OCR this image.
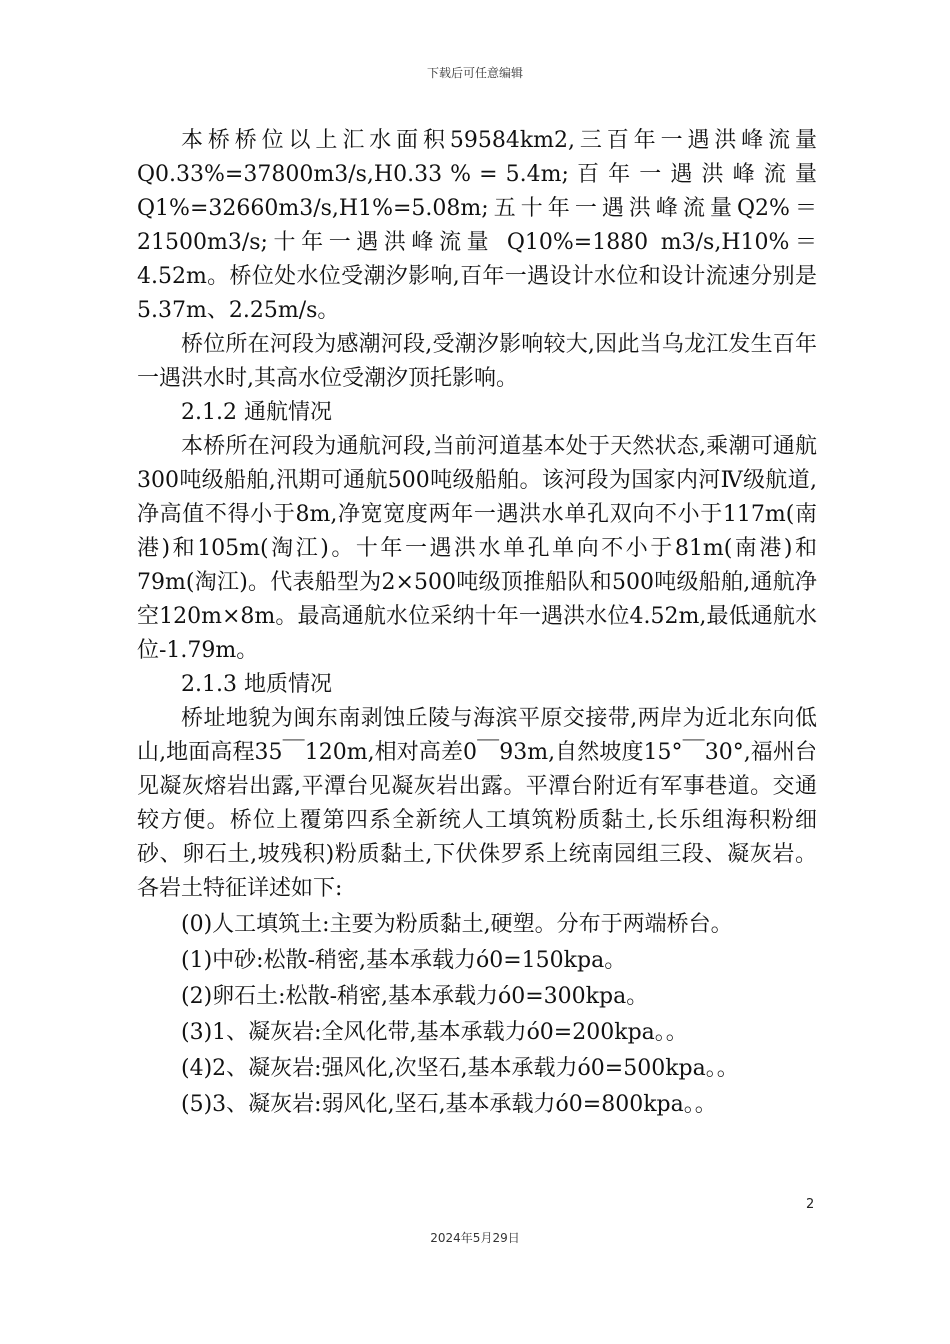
下载后可任意编辑

本桥桥位以上汇水面积59584km2,三百年一遇洪峰流量Q0.33%=37800m3/s,H0.33 % = 5.4m; 百 年 一 遇 洪 峰 流 量 Q1%=32660m3/s,H1%=5.08m;五十年一遇洪峰流量Q2%＝21500m3/s;十年一遇洪峰流量 Q10%=1880 m3/s,H10%＝4.52m。桥位处水位受潮汐影响,百年一遇设计水位和设计流速分别是5.37m、2.25m/s。

桥位所在河段为感潮河段,受潮汐影响较大,因此当乌龙江发生百年一遇洪水时,其高水位受潮汐顶托影响。

2.1.2 通航情况

本桥所在河段为通航河段,当前河道基本处于天然状态,乘潮可通航300吨级船舶,汛期可通航500吨级船舶。该河段为国家内河Ⅳ级航道,净高值不得小于8m,净宽宽度两年一遇洪水单孔双向不小于117m(南港)和105m(淘江)。十年一遇洪水单孔单向不小于81m(南港)和79m(淘江)。代表船型为2×500吨级顶推船队和500吨级船舶,通航净空120m×8m。最高通航水位采纳十年一遇洪水位4.52m,最低通航水位-1.79m。

2.1.3 地质情况

桥址地貌为闽东南剥蚀丘陵与海滨平原交接带,两岸为近北东向低山,地面高程35￣120m,相对高差0￣93m,自然坡度15°￣30°,福州台见凝灰熔岩出露,平潭台见凝灰岩出露。平潭台附近有军事巷道。交通较方便。桥位上覆第四系全新统人工填筑粉质黏土,长乐组海积粉细砂、卵石土,坡残积)粉质黏土,下伏侏罗系上统南园组三段、凝灰岩。各岩土特征详述如下:

(0)人工填筑土:主要为粉质黏土,硬塑。分布于两端桥台。

(1)中砂:松散-稍密,基本承载力ό0=150kpa。

(2)卵石土:松散-稍密,基本承载力ό0=300kpa。

(3)1、凝灰岩:全风化带,基本承载力ό0=200kpa。。

(4)2、凝灰岩:强风化,次坚石,基本承载力ό0=500kpa。。

(5)3、凝灰岩:弱风化,坚石,基本承载力ό0=800kpa。。

2
2024年5月29日
